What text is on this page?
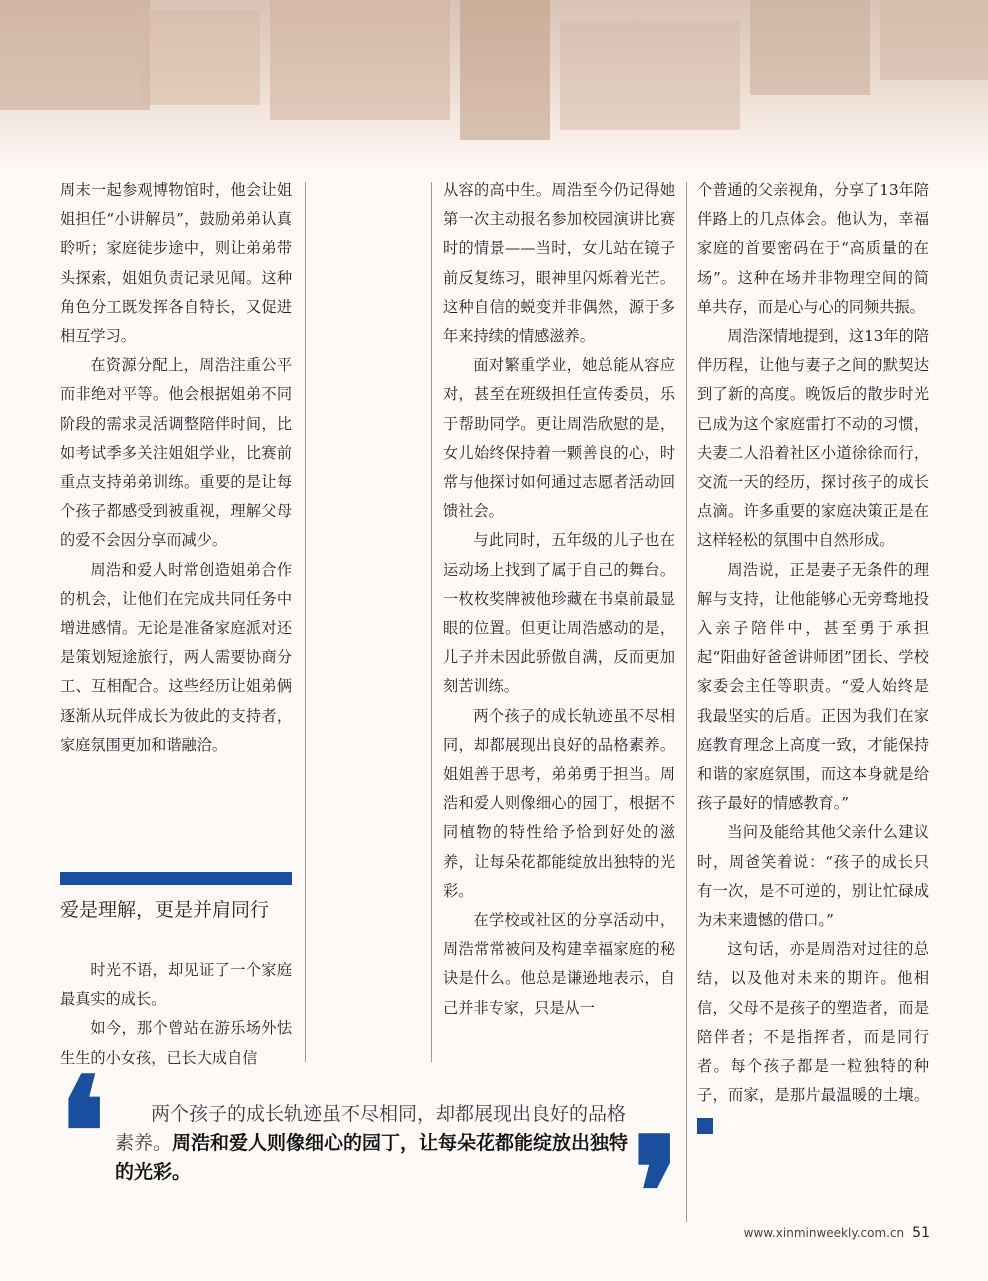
周末一起参观博物馆时，他会让姐姐担任“小讲解员”，鼓励弟弟认真聆听；家庭徒步途中，则让弟弟带头探索，姐姐负责记录见闻。这种角色分工既发挥各自特长，又促进相互学习。

在资源分配上，周浩注重公平而非绝对平等。他会根据姐弟不同阶段的需求灵活调整陪伴时间，比如考试季多关注姐姐学业，比赛前重点支持弟弟训练。重要的是让每个孩子都感受到被重视，理解父母的爱不会因分享而减少。

周浩和爱人时常创造姐弟合作的机会，让他们在完成共同任务中增进感情。无论是准备家庭派对还是策划短途旅行，两人需要协商分工、互相配合。这些经历让姐弟俩逐渐从玩伴成长为彼此的支持者，家庭氛围更加和谐融洽。

爱是理解，更是并肩同行

时光不语，却见证了一个家庭最真实的成长。

如今，那个曾站在游乐场外怯生生的小女孩，已长大成自信

从容的高中生。周浩至今仍记得她第一次主动报名参加校园演讲比赛时的情景——当时，女儿站在镜子前反复练习，眼神里闪烁着光芒。这种自信的蜕变并非偶然，源于多年来持续的情感滋养。

面对繁重学业，她总能从容应对，甚至在班级担任宣传委员，乐于帮助同学。更让周浩欣慰的是，女儿始终保持着一颗善良的心，时常与他探讨如何通过志愿者活动回馈社会。

与此同时，五年级的儿子也在运动场上找到了属于自己的舞台。一枚枚奖牌被他珍藏在书桌前最显眼的位置。但更让周浩感动的是，儿子并未因此骄傲自满，反而更加刻苦训练。

两个孩子的成长轨迹虽不尽相同，却都展现出良好的品格素养。姐姐善于思考，弟弟勇于担当。周浩和爱人则像细心的园丁，根据不同植物的特性给予恰到好处的滋养，让每朵花都能绽放出独特的光彩。

在学校或社区的分享活动中，周浩常常被问及构建幸福家庭的秘诀是什么。他总是谦逊地表示，自己并非专家，只是从一

个普通的父亲视角，分享了13年陪伴路上的几点体会。他认为，幸福家庭的首要密码在于“高质量的在场”。这种在场并非物理空间的简单共存，而是心与心的同频共振。

周浩深情地提到，这13年的陪伴历程，让他与妻子之间的默契达到了新的高度。晚饭后的散步时光已成为这个家庭雷打不动的习惯，夫妻二人沿着社区小道徐徐而行，交流一天的经历，探讨孩子的成长点滴。许多重要的家庭决策正是在这样轻松的氛围中自然形成。

周浩说，正是妻子无条件的理解与支持，让他能够心无旁骛地投入亲子陪伴中，甚至勇于承担起“阳曲好爸爸讲师团”团长、学校家委会主任等职责。“爱人始终是我最坚实的后盾。正因为我们在家庭教育理念上高度一致，才能保持和谐的家庭氛围，而这本身就是给孩子最好的情感教育。”

当问及能给其他父亲什么建议时，周爸笑着说：“孩子的成长只有一次，是不可逆的，别让忙碌成为未来遗憾的借口。”

这句话，亦是周浩对过往的总结，以及他对未来的期许。他相信，父母不是孩子的塑造者，而是陪伴者；不是指挥者，而是同行者。每个孩子都是一粒独特的种子，而家，是那片最温暖的土壤。民

❛	两个孩子的成长轨迹虽不尽相同，却都展现出良好的品格素养。周浩和爱人则像细心的园丁，让每朵花都能绽放出独特的光彩。	❜	www.xinminweekly.com.cn 51
